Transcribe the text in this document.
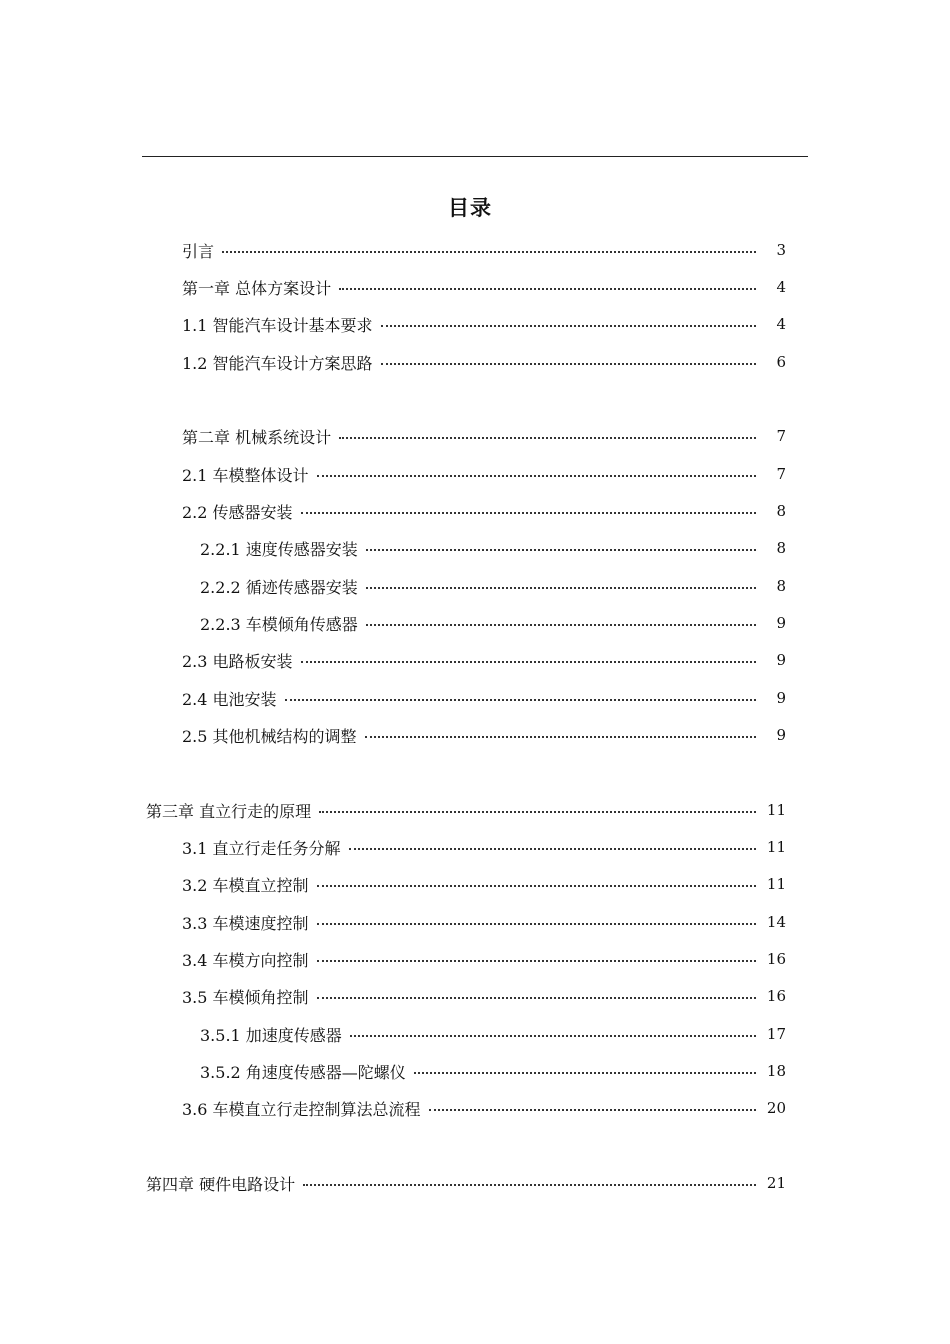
目录
引言	3
第一章 总体方案设计	4
1.1 智能汽车设计基本要求	4
1.2 智能汽车设计方案思路	6
第二章 机械系统设计	7
2.1 车模整体设计	7
2.2 传感器安装	8
2.2.1 速度传感器安装	8
2.2.2 循迹传感器安装	8
2.2.3 车模倾角传感器	9
2.3 电路板安装	9
2.4 电池安装	9
2.5 其他机械结构的调整	9
第三章 直立行走的原理	11
3.1 直立行走任务分解	11
3.2 车模直立控制	11
3.3 车模速度控制	14
3.4 车模方向控制	16
3.5 车模倾角控制	16
3.5.1 加速度传感器	17
3.5.2 角速度传感器—陀螺仪	18
3.6 车模直立行走控制算法总流程	20
第四章 硬件电路设计	21
